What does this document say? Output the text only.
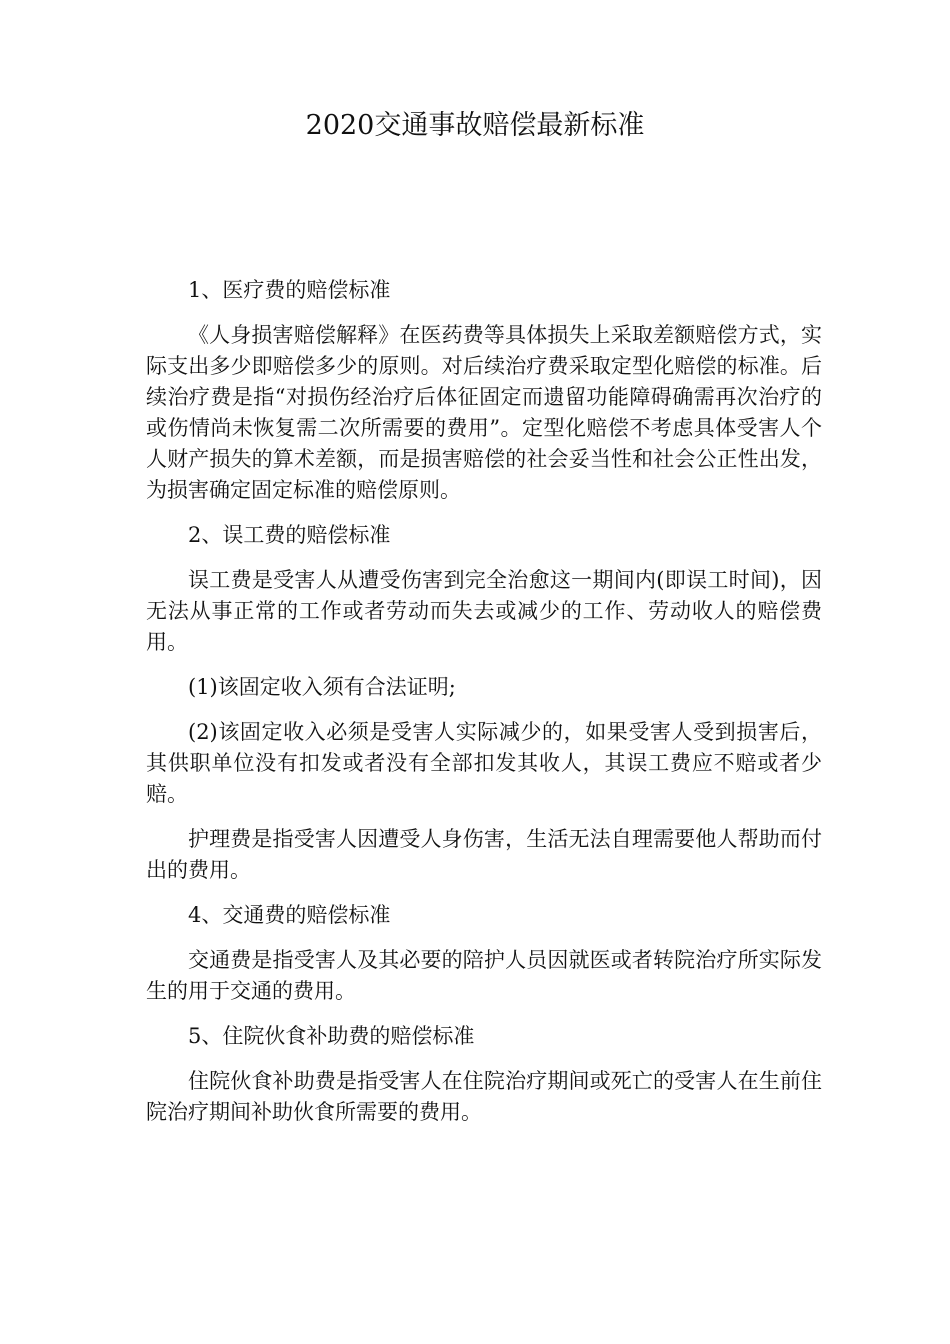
2020交通事故赔偿最新标准

1、医疗费的赔偿标准

《人身损害赔偿解释》在医药费等具体损失上采取差额赔偿方式，实际支出多少即赔偿多少的原则。对后续治疗费采取定型化赔偿的标准。后续治疗费是指“对损伤经治疗后体征固定而遗留功能障碍确需再次治疗的或伤情尚未恢复需二次所需要的费用”。定型化赔偿不考虑具体受害人个人财产损失的算术差额，而是损害赔偿的社会妥当性和社会公正性出发，为损害确定固定标准的赔偿原则。

2、误工费的赔偿标准

误工费是受害人从遭受伤害到完全治愈这一期间内(即误工时间)，因无法从事正常的工作或者劳动而失去或减少的工作、劳动收人的赔偿费用。

(1)该固定收入须有合法证明;

(2)该固定收入必须是受害人实际减少的，如果受害人受到损害后，其供职单位没有扣发或者没有全部扣发其收人，其误工费应不赔或者少赔。

护理费是指受害人因遭受人身伤害，生活无法自理需要他人帮助而付出的费用。

4、交通费的赔偿标准

交通费是指受害人及其必要的陪护人员因就医或者转院治疗所实际发生的用于交通的费用。

5、住院伙食补助费的赔偿标准

住院伙食补助费是指受害人在住院治疗期间或死亡的受害人在生前住院治疗期间补助伙食所需要的费用。
